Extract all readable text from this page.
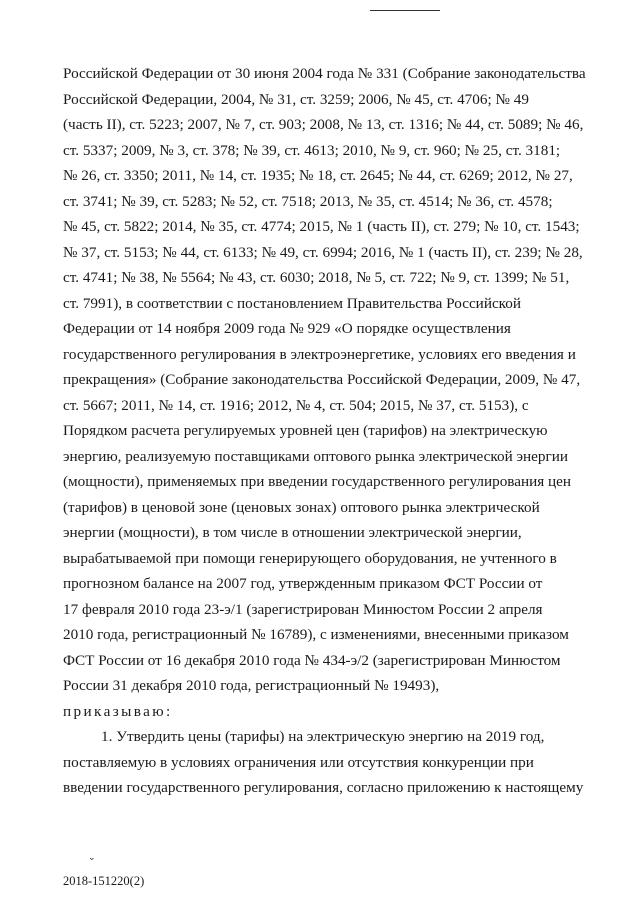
Российской Федерации от 30 июня 2004 года № 331 (Собрание законодательства

Российской Федерации, 2004, № 31, ст. 3259; 2006, № 45, ст. 4706; № 49

(часть II), ст. 5223; 2007, № 7, ст. 903; 2008, № 13, ст. 1316; № 44, ст. 5089; № 46,

ст. 5337; 2009, № 3, ст. 378; № 39, ст. 4613; 2010, № 9, ст. 960; № 25, ст. 3181;

№ 26, ст. 3350; 2011, № 14, ст. 1935; № 18, ст. 2645; № 44, ст. 6269; 2012, № 27,

ст. 3741; № 39, ст. 5283; № 52, ст. 7518; 2013, № 35, ст. 4514; № 36, ст. 4578;

№ 45, ст. 5822; 2014, № 35, ст. 4774; 2015, № 1 (часть II), ст. 279; № 10, ст. 1543;

№ 37, ст. 5153; № 44, ст. 6133; № 49, ст. 6994; 2016, № 1 (часть II), ст. 239; № 28,

ст. 4741; № 38, № 5564; № 43, ст. 6030; 2018, № 5, ст. 722; № 9, ст. 1399; № 51,

ст. 7991), в соответствии с постановлением Правительства Российской

Федерации от 14 ноября 2009 года № 929 «О порядке осуществления

государственного регулирования в электроэнергетике, условиях его введения и

прекращения» (Собрание законодательства Российской Федерации, 2009, № 47,

ст. 5667; 2011, № 14, ст. 1916; 2012, № 4, ст. 504; 2015, № 37, ст. 5153), с

Порядком расчета регулируемых уровней цен (тарифов) на электрическую

энергию, реализуемую поставщиками оптового рынка электрической энергии

(мощности), применяемых при введении государственного регулирования цен

(тарифов) в ценовой зоне (ценовых зонах) оптового рынка электрической

энергии (мощности), в том числе в отношении электрической энергии,

вырабатываемой при помощи генерирующего оборудования, не учтенного в

прогнозном балансе на 2007 год, утвержденным приказом ФСТ России от

17 февраля 2010 года 23-э/1 (зарегистрирован Минюстом России 2 апреля

2010 года, регистрационный № 16789), с изменениями, внесенными приказом

ФСТ России от 16 декабря 2010 года № 434-э/2 (зарегистрирован Минюстом

России 31 декабря 2010 года, регистрационный № 19493),

приказываю:

1. Утвердить цены (тарифы) на электрическую энергию на 2019 год,

поставляемую в условиях ограничения или отсутствия конкуренции при

введении государственного регулирования, согласно приложению к настоящему

⌄
2018-151220(2)
